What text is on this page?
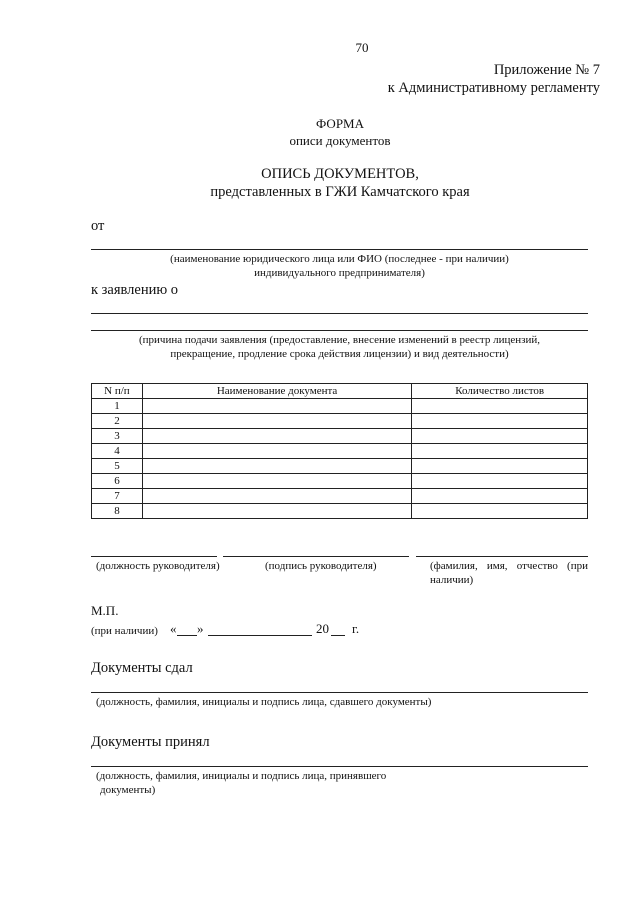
70
Приложение № 7
к Административному регламенту
ФОРМА
описи документов
ОПИСЬ ДОКУМЕНТОВ,
представленных в ГЖИ Камчатского края
от
(наименование юридического лица или ФИО (последнее - при наличии)
индивидуального предпринимателя)
к заявлению о
(причина подачи заявления (предоставление, внесение изменений в реестр лицензий,
прекращение, продление срока действия лицензии) и вид деятельности)
N п/п	Наименование документа	Количество листов
1		
2		
3		
4		
5		
6		
7		
8		
(должность руководителя)	(подпись руководителя)	(фамилия, имя, отчество (при наличии)
М.П.
(при наличии) « »	20 г.
Документы сдал
(должность, фамилия, инициалы и подпись лица, сдавшего документы)
Документы принял
(должность, фамилия, инициалы и подпись лица, принявшего
документы)
